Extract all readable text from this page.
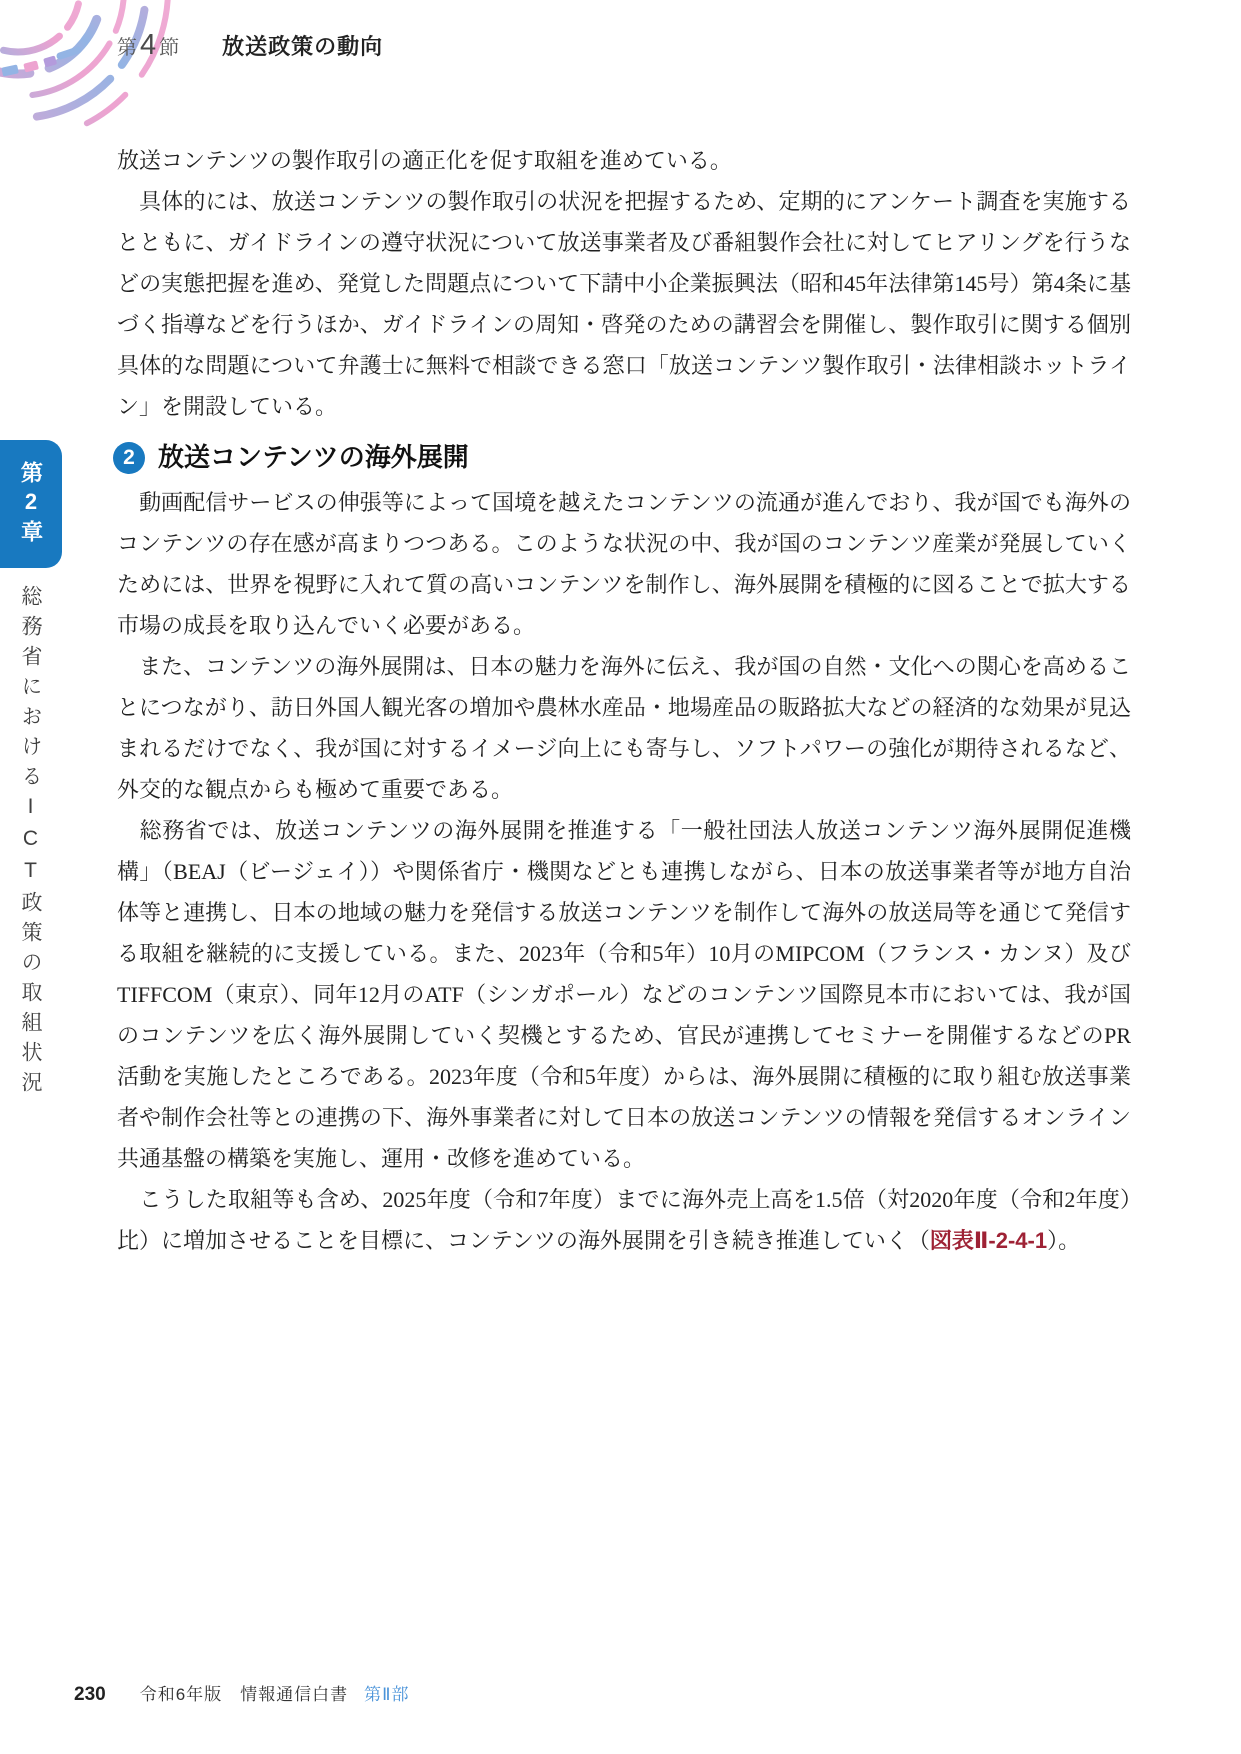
第 4 節 放送政策の動向
第2章
総務省におけるICT政策の取組状況

放送コンテンツの製作取引の適正化を促す取組を進めている。

　具体的には、放送コンテンツの製作取引の状況を把握するため、定期的にアンケート調査を実施するとともに、ガイドラインの遵守状況について放送事業者及び番組製作会社に対してヒアリングを行うなどの実態把握を進め、発覚した問題点について下請中小企業振興法（昭和45年法律第145号）第4条に基づく指導などを行うほか、ガイドラインの周知・啓発のための講習会を開催し、製作取引に関する個別具体的な問題について弁護士に無料で相談できる窓口「放送コンテンツ製作取引・法律相談ホットライン」を開設している。

2 放送コンテンツの海外展開

　動画配信サービスの伸張等によって国境を越えたコンテンツの流通が進んでおり、我が国でも海外のコンテンツの存在感が高まりつつある。このような状況の中、我が国のコンテンツ産業が発展していくためには、世界を視野に入れて質の高いコンテンツを制作し、海外展開を積極的に図ることで拡大する市場の成長を取り込んでいく必要がある。

　また、コンテンツの海外展開は、日本の魅力を海外に伝え、我が国の自然・文化への関心を高めることにつながり、訪日外国人観光客の増加や農林水産品・地場産品の販路拡大などの経済的な効果が見込まれるだけでなく、我が国に対するイメージ向上にも寄与し、ソフトパワーの強化が期待されるなど、外交的な観点からも極めて重要である。

　総務省では、放送コンテンツの海外展開を推進する「一般社団法人放送コンテンツ海外展開促進機構」（BEAJ（ビージェイ））や関係省庁・機関などとも連携しながら、日本の放送事業者等が地方自治体等と連携し、日本の地域の魅力を発信する放送コンテンツを制作して海外の放送局等を通じて発信する取組を継続的に支援している。また、2023年（令和5年）10月のMIPCOM（フランス・カンヌ）及びTIFFCOM（東京）、同年12月のATF（シンガポール）などのコンテンツ国際見本市においては、我が国のコンテンツを広く海外展開していく契機とするため、官民が連携してセミナーを開催するなどのPR活動を実施したところである。2023年度（令和5年度）からは、海外展開に積極的に取り組む放送事業者や制作会社等との連携の下、海外事業者に対して日本の放送コンテンツの情報を発信するオンライン共通基盤の構築を実施し、運用・改修を進めている。

　こうした取組等も含め、2025年度（令和7年度）までに海外売上高を1.5倍（対2020年度（令和2年度）比）に増加させることを目標に、コンテンツの海外展開を引き続き推進していく（図表Ⅱ-2-4-1）。

230 令和6年版　情報通信白書 第Ⅱ部
